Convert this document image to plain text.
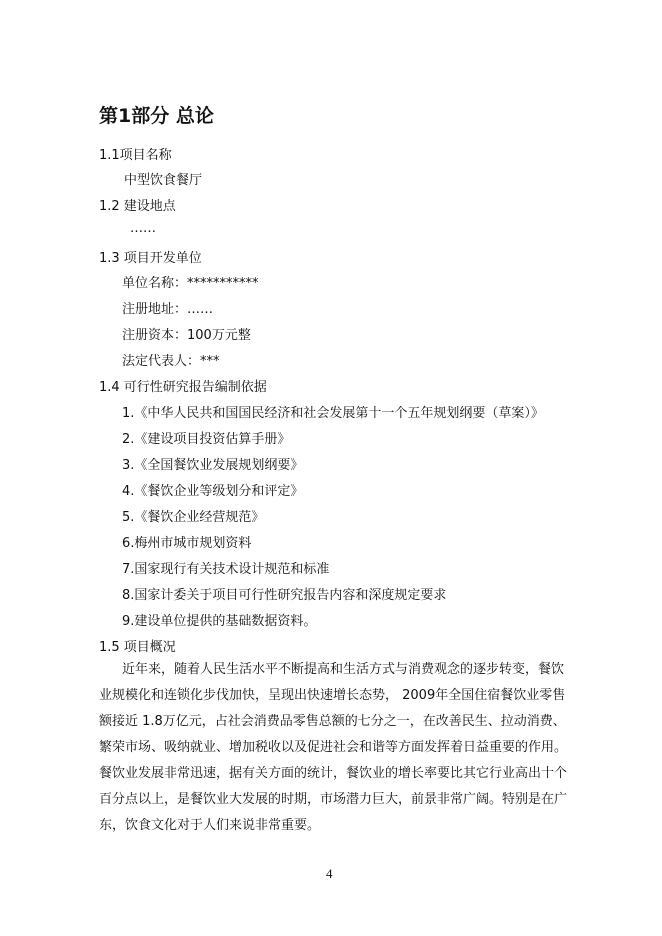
第1部分 总论
1.1项目名称
中型饮食餐厅
1.2 建设地点
……
1.3 项目开发单位
单位名称：***********
注册地址：……
注册资本：100万元整
法定代表人：***
1.4 可行性研究报告编制依据
1.《中华人民共和国国民经济和社会发展第十一个五年规划纲要（草案）》
2.《建设项目投资估算手册》
3.《全国餐饮业发展规划纲要》
4.《餐饮企业等级划分和评定》
5.《餐饮企业经营规范》
6.梅州市城市规划资料
7.国家现行有关技术设计规范和标准
8.国家计委关于项目可行性研究报告内容和深度规定要求
9.建设单位提供的基础数据资料。
1.5 项目概况
近年来，随着人民生活水平不断提高和生活方式与消费观念的逐步转变，餐饮
业规模化和连锁化步伐加快，呈现出快速增长态势， 2009年全国住宿餐饮业零售
额接近 1.8万亿元，占社会消费品零售总额的七分之一，在改善民生、拉动消费、
繁荣市场、吸纳就业、增加税收以及促进社会和谐等方面发挥着日益重要的作用。
餐饮业发展非常迅速，据有关方面的统计，餐饮业的增长率要比其它行业高出十个
百分点以上，是餐饮业大发展的时期，市场潜力巨大，前景非常广阔。特别是在广
东，饮食文化对于人们来说非常重要。
4
